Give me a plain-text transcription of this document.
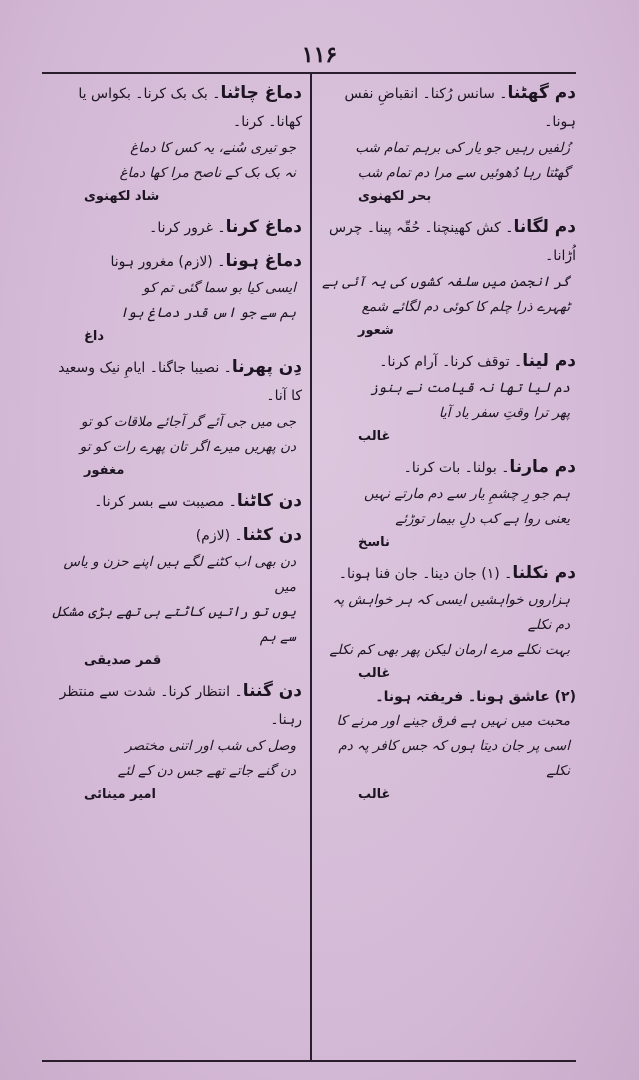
۱۱۶
دم گھٹنا۔ سانس رُکنا۔ انقباضِ نفس ہونا۔
زُلفیں رہیں جو یار کی برہم تمام شب
گھٹتا رہا دُھوئیں سے مرا دم تمام شب
بحر لکھنوی
دم لگانا۔ کش کھینچنا۔ حُقّہ پینا۔ چرس اُڑانا۔
گر انجمن میں سلفہ کشوں کی یہ آئی ہے
ٹھہرے ذرا چلم کا کوئی دم لگائے شمع
شعور
دم لینا۔ توقف کرنا۔ آرام کرنا۔
دم لیا تھا نہ قیامت نے ہنوز
پھر ترا وقتِ سفر یاد آیا
غالب
دم مارنا۔ بولنا۔ بات کرنا۔
ہم جو رِ چشمِ یار سے دم مارتے نہیں
یعنی روا ہے کب دلِ بیمار توڑئے
ناسخ
دم نکلنا۔ (۱) جان دینا۔ جان فنا ہونا۔
ہزاروں خواہشیں ایسی کہ ہر خواہش پہ دم نکلے
بہت نکلے مرے ارمان لیکن پھر بھی کم نکلے
غالب
(۲) عاشق ہونا۔ فریفتہ ہونا۔
محبت میں نہیں ہے فرق جینے اور مرنے کا
اسی پر جان دیتا ہوں کہ جس کافر پہ دم نکلے
غالب
دماغ چاٹنا۔ بک بک کرنا۔ بکواس یا کھانا۔ کرنا۔
جو تیری سُنے، یہ کس کا دماغ
نہ بک بک کے ناصح مرا کھا دماغ
شاد لکھنوی
دماغ کرنا۔ غرور کرنا۔
دماغ ہونا۔ (لازم) مغرور ہونا
ایسی کیا بو سما گئی تم کو
ہم سے جو اس قدر دماغ ہوا
داغ
دِن پھرنا۔ نصیبا جاگنا۔ ایامِ نیک وسعید کا آنا۔
جی میں جی آئے گر آجائے ملاقات کو تو
دن پھریں میرے اگر تان پھرے رات کو تو
مغفور
دن کاٹنا۔ مصیبت سے بسر کرنا۔
دن کٹنا۔ (لازم)
دن بھی اب کٹنے لگے ہیں اپنے حزن و یاس میں
یوں تو راتیں کاٹتے ہی تھے بڑی مشکل سے ہم
قمر صدیقی
دن گننا۔ انتظار کرنا۔ شدت سے منتظر رہنا۔
وصل کی شب اور اتنی مختصر
دن گنے جاتے تھے جس دن کے لئے
امیر مینائی
